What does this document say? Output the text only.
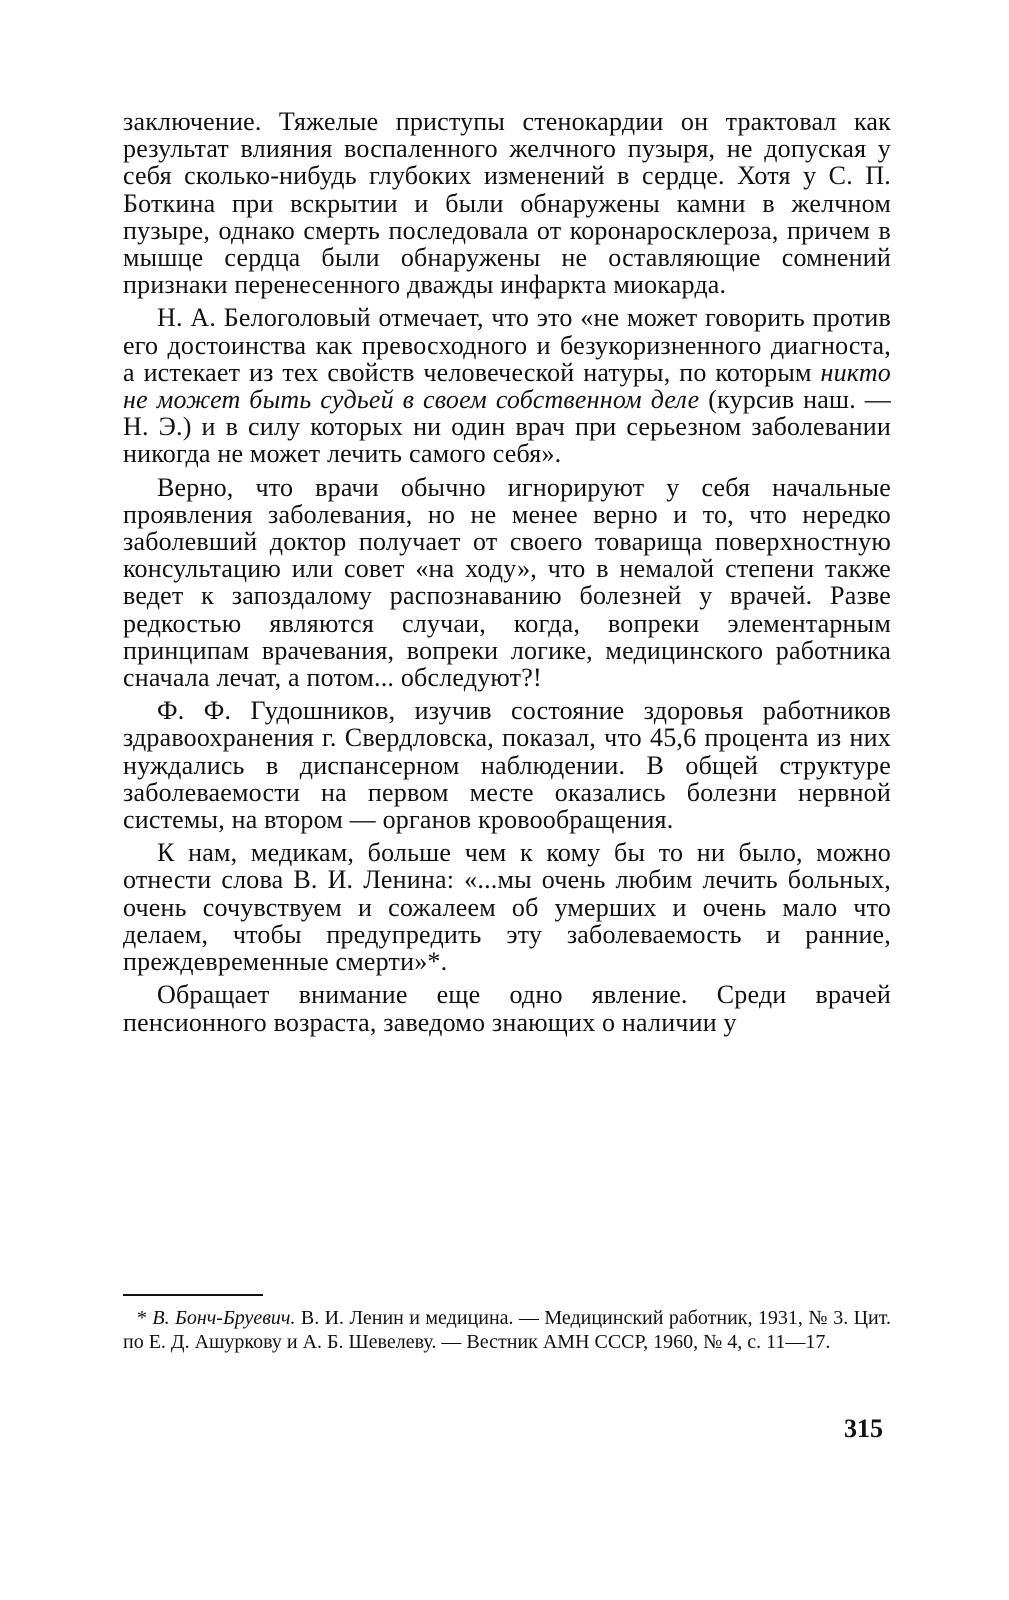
заключение. Тяжелые приступы стенокардии он трактовал как результат влияния воспаленного желчного пузыря, не допуская у себя сколько-нибудь глубоких изменений в сердце. Хотя у С. П. Боткина при вскрытии и были обнаружены камни в желчном пузыре, однако смерть последовала от коронаросклероза, причем в мышце сердца были обнаружены не оставляющие сомнений признаки перенесенного дважды инфаркта миокарда.

Н. А. Белоголовый отмечает, что это «не может говорить против его достоинства как превосходного и безукоризненного диагноста, а истекает из тех свойств человеческой натуры, по которым никто не может быть судьей в своем собственном деле (курсив наш. — Н. Э.) и в силу которых ни один врач при серьезном заболевании никогда не может лечить самого себя».

Верно, что врачи обычно игнорируют у себя начальные проявления заболевания, но не менее верно и то, что нередко заболевший доктор получает от своего товарища поверхностную консультацию или совет «на ходу», что в немалой степени также ведет к запоздалому распознаванию болезней у врачей. Разве редкостью являются случаи, когда, вопреки элементарным принципам врачевания, вопреки логике, медицинского работника сначала лечат, а потом... обследуют?!

Ф. Ф. Гудошников, изучив состояние здоровья работников здравоохранения г. Свердловска, показал, что 45,6 процента из них нуждались в диспансерном наблюдении. В общей структуре заболеваемости на первом месте оказались болезни нервной системы, на втором — органов кровообращения.

К нам, медикам, больше чем к кому бы то ни было, можно отнести слова В. И. Ленина: «...мы очень любим лечить больных, очень сочувствуем и сожалеем об умерших и очень мало что делаем, чтобы предупредить эту заболеваемость и ранние, преждевременные смерти»*.

Обращает внимание еще одно явление. Среди врачей пенсионного возраста, заведомо знающих о наличии у

* В. Бонч-Бруевич. В. И. Ленин и медицина. — Медицинский работник, 1931, № 3. Цит. по Е. Д. Ашуркову и А. Б. Шевелеву. — Вестник АМН СССР, 1960, № 4, с. 11—17.
315
